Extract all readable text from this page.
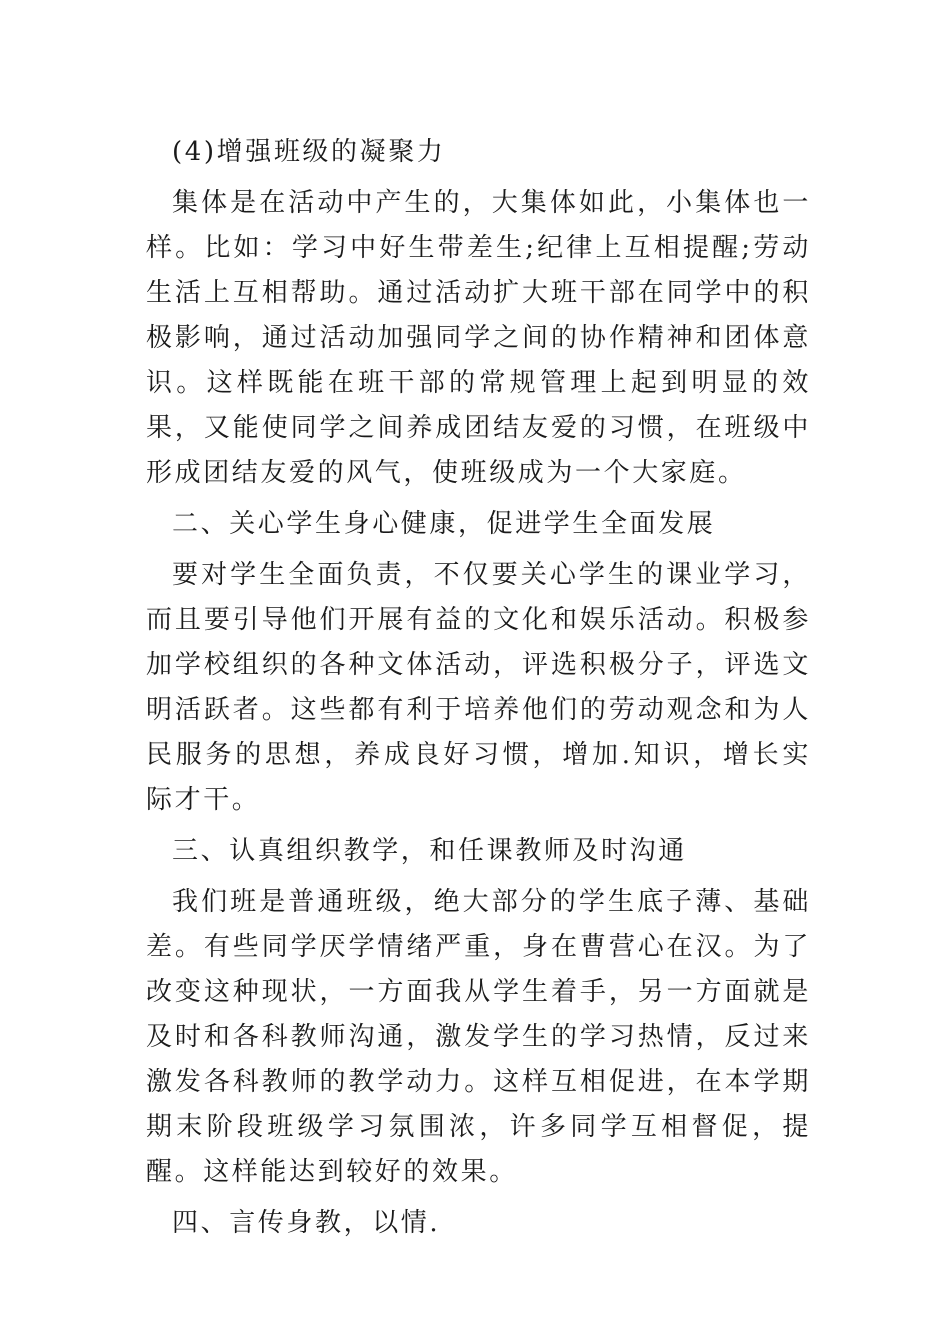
(4)增强班级的凝聚力

集体是在活动中产生的，大集体如此，小集体也一样。比如：学习中好生带差生;纪律上互相提醒;劳动生活上互相帮助。通过活动扩大班干部在同学中的积极影响，通过活动加强同学之间的协作精神和团体意识。这样既能在班干部的常规管理上起到明显的效果，又能使同学之间养成团结友爱的习惯，在班级中形成团结友爱的风气，使班级成为一个大家庭。

二、关心学生身心健康，促进学生全面发展

要对学生全面负责，不仅要关心学生的课业学习，而且要引导他们开展有益的文化和娱乐活动。积极参加学校组织的各种文体活动，评选积极分子，评选文明活跃者。这些都有利于培养他们的劳动观念和为人民服务的思想，养成良好习惯，增加.知识，增长实际才干。

三、认真组织教学，和任课教师及时沟通

我们班是普通班级，绝大部分的学生底子薄、基础差。有些同学厌学情绪严重，身在曹营心在汉。为了改变这种现状，一方面我从学生着手，另一方面就是及时和各科教师沟通，激发学生的学习热情，反过来激发各科教师的教学动力。这样互相促进，在本学期期末阶段班级学习氛围浓，许多同学互相督促，提醒。这样能达到较好的效果。

四、言传身教，以情.
